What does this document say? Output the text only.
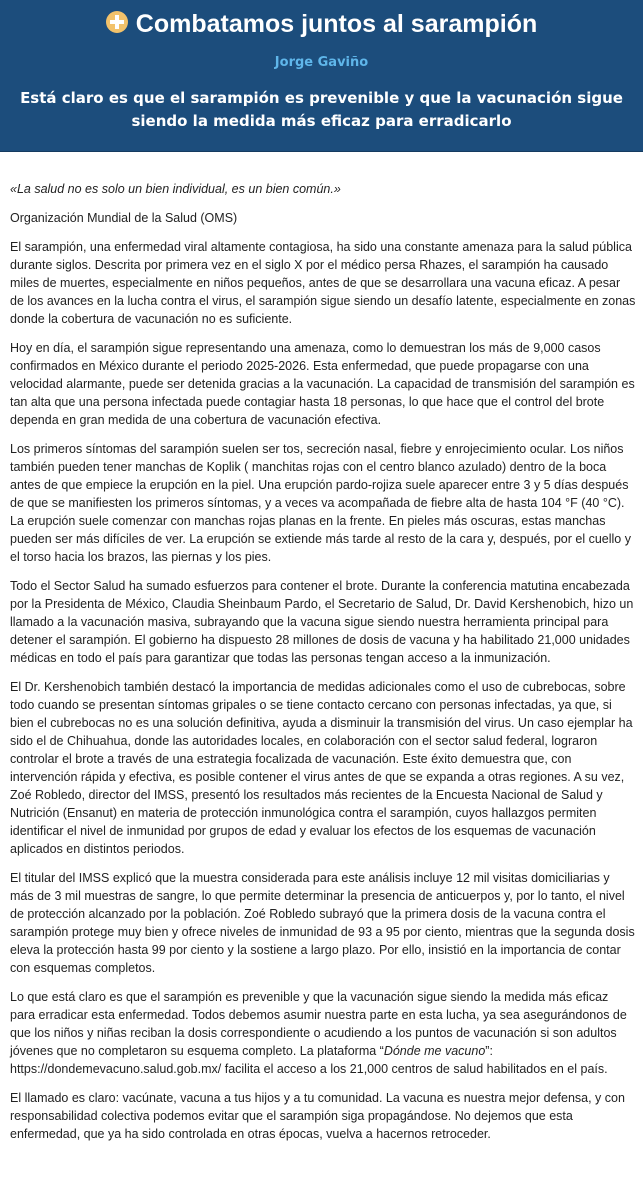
Combatamos juntos al sarampión
Jorge Gaviño
Está claro es que el sarampión es prevenible y que la vacunación sigue siendo la medida más eficaz para erradicarlo

«La salud no es solo un bien individual, es un bien común.»

Organización Mundial de la Salud (OMS)

El sarampión, una enfermedad viral altamente contagiosa, ha sido una constante amenaza para la salud pública durante siglos. Descrita por primera vez en el siglo X por el médico persa Rhazes, el sarampión ha causado miles de muertes, especialmente en niños pequeños, antes de que se desarrollara una vacuna eficaz. A pesar de los avances en la lucha contra el virus, el sarampión sigue siendo un desafío latente, especialmente en zonas donde la cobertura de vacunación no es suficiente.

Hoy en día, el sarampión sigue representando una amenaza, como lo demuestran los más de 9,000 casos confirmados en México durante el periodo 2025-2026. Esta enfermedad, que puede propagarse con una velocidad alarmante, puede ser detenida gracias a la vacunación. La capacidad de transmisión del sarampión es tan alta que una persona infectada puede contagiar hasta 18 personas, lo que hace que el control del brote dependa en gran medida de una cobertura de vacunación efectiva.

Los primeros síntomas del sarampión suelen ser tos, secreción nasal, fiebre y enrojecimiento ocular. Los niños también pueden tener manchas de Koplik ( manchitas rojas con el centro blanco azulado) dentro de la boca antes de que empiece la erupción en la piel. Una erupción pardo-rojiza suele aparecer entre 3 y 5 días después de que se manifiesten los primeros síntomas, y a veces va acompañada de fiebre alta de hasta 104 °F (40 °C). La erupción suele comenzar con manchas rojas planas en la frente. En pieles más oscuras, estas manchas pueden ser más difíciles de ver. La erupción se extiende más tarde al resto de la cara y, después, por el cuello y el torso hacia los brazos, las piernas y los pies.

Todo el Sector Salud ha sumado esfuerzos para contener el brote. Durante la conferencia matutina encabezada por la Presidenta de México, Claudia Sheinbaum Pardo, el Secretario de Salud, Dr. David Kershenobich, hizo un llamado a la vacunación masiva, subrayando que la vacuna sigue siendo nuestra herramienta principal para detener el sarampión. El gobierno ha dispuesto 28 millones de dosis de vacuna y ha habilitado 21,000 unidades médicas en todo el país para garantizar que todas las personas tengan acceso a la inmunización.

El Dr. Kershenobich también destacó la importancia de medidas adicionales como el uso de cubrebocas, sobre todo cuando se presentan síntomas gripales o se tiene contacto cercano con personas infectadas, ya que, si bien el cubrebocas no es una solución definitiva, ayuda a disminuir la transmisión del virus. Un caso ejemplar ha sido el de Chihuahua, donde las autoridades locales, en colaboración con el sector salud federal, lograron controlar el brote a través de una estrategia focalizada de vacunación. Este éxito demuestra que, con intervención rápida y efectiva, es posible contener el virus antes de que se expanda a otras regiones. A su vez, Zoé Robledo, director del IMSS, presentó los resultados más recientes de la Encuesta Nacional de Salud y Nutrición (Ensanut) en materia de protección inmunológica contra el sarampión, cuyos hallazgos permiten identificar el nivel de inmunidad por grupos de edad y evaluar los efectos de los esquemas de vacunación aplicados en distintos periodos.

El titular del IMSS explicó que la muestra considerada para este análisis incluye 12 mil visitas domiciliarias y más de 3 mil muestras de sangre, lo que permite determinar la presencia de anticuerpos y, por lo tanto, el nivel de protección alcanzado por la población. Zoé Robledo subrayó que la primera dosis de la vacuna contra el sarampión protege muy bien y ofrece niveles de inmunidad de 93 a 95 por ciento, mientras que la segunda dosis eleva la protección hasta 99 por ciento y la sostiene a largo plazo. Por ello, insistió en la importancia de contar con esquemas completos.

Lo que está claro es que el sarampión es prevenible y que la vacunación sigue siendo la medida más eficaz para erradicar esta enfermedad. Todos debemos asumir nuestra parte en esta lucha, ya sea asegurándonos de que los niños y niñas reciban la dosis correspondiente o acudiendo a los puntos de vacunación si son adultos jóvenes que no completaron su esquema completo. La plataforma “Dónde me vacuno”: https://dondemevacuno.salud.gob.mx/ facilita el acceso a los 21,000 centros de salud habilitados en el país.

El llamado es claro: vacúnate, vacuna a tus hijos y a tu comunidad. La vacuna es nuestra mejor defensa, y con responsabilidad colectiva podemos evitar que el sarampión siga propagándose. No dejemos que esta enfermedad, que ya ha sido controlada en otras épocas, vuelva a hacernos retroceder.
